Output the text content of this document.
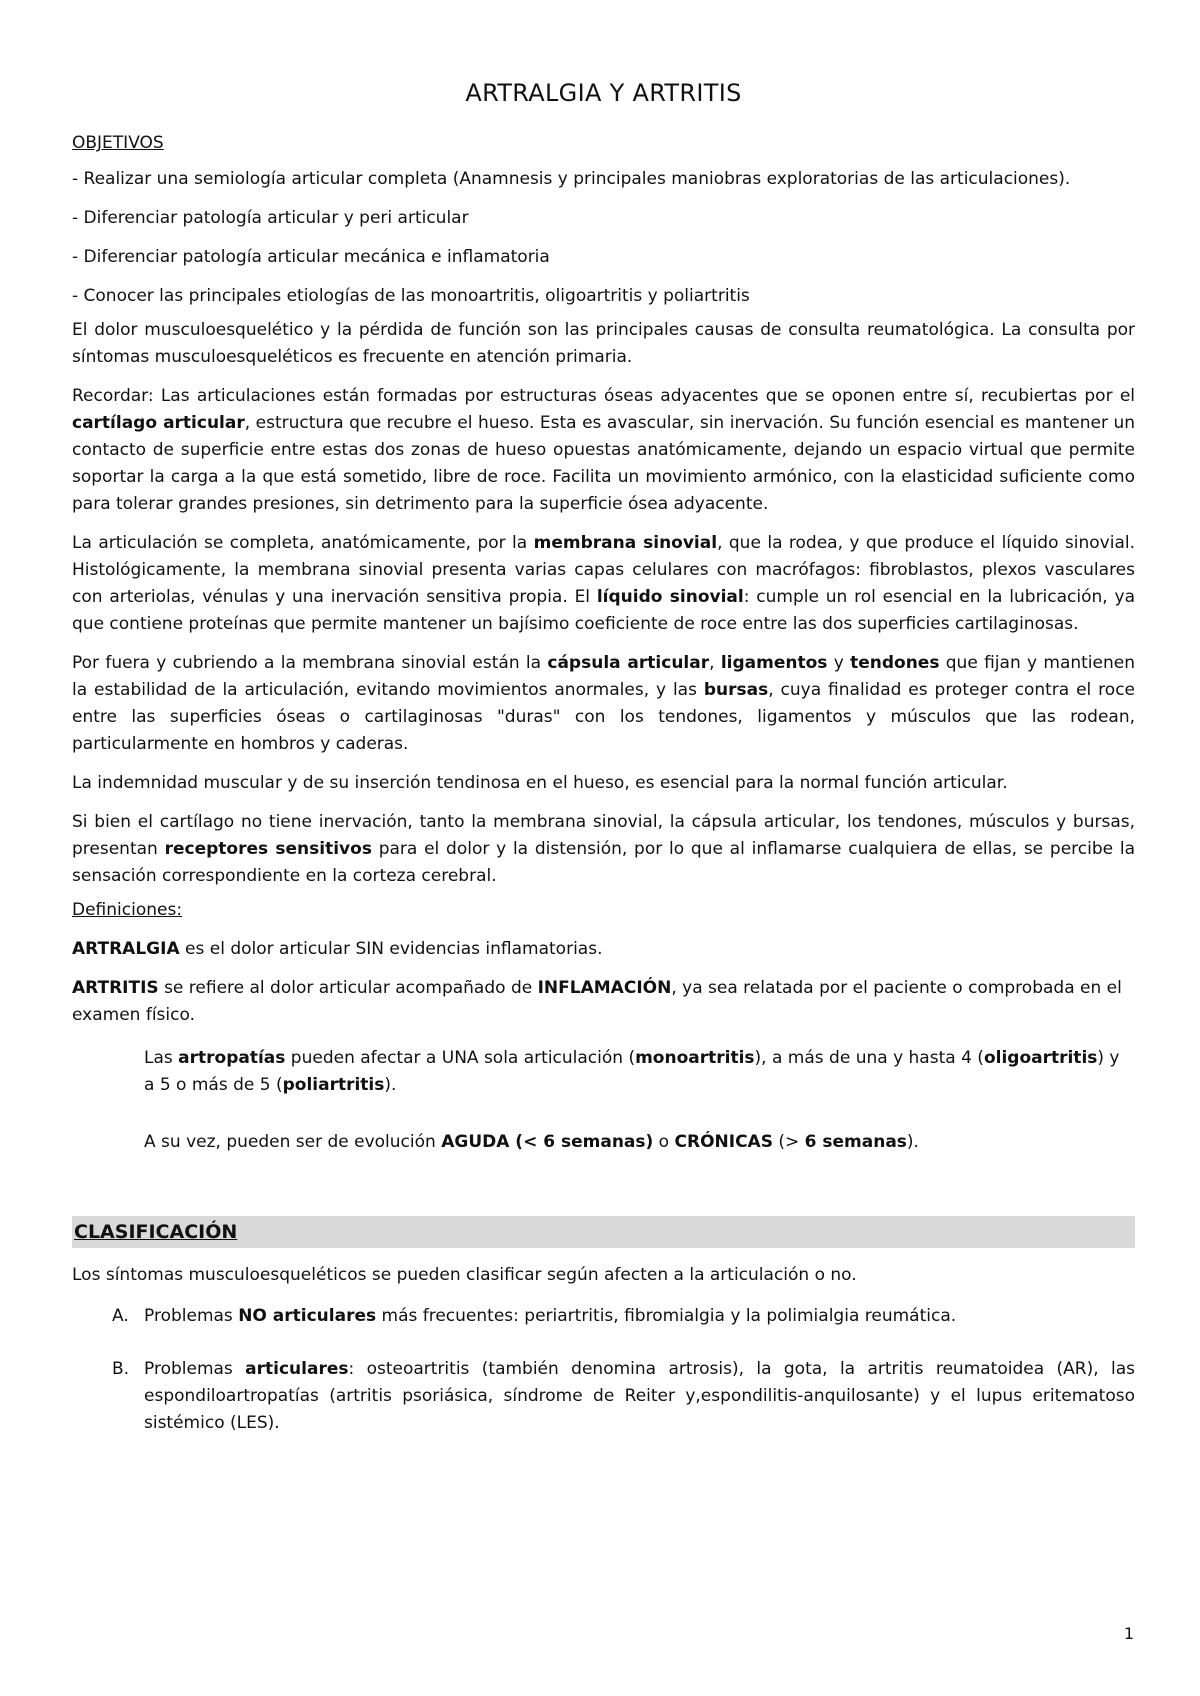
ARTRALGIA Y ARTRITIS
OBJETIVOS
- Realizar una semiología articular completa (Anamnesis y principales maniobras exploratorias de las articulaciones).
- Diferenciar patología articular y peri articular
- Diferenciar patología articular mecánica e inflamatoria
- Conocer las principales etiologías de las monoartritis, oligoartritis y poliartritis

El dolor musculoesquelético y la pérdida de función son las principales causas de consulta reumatológica. La consulta por síntomas musculoesqueléticos es frecuente en atención primaria.

Recordar: Las articulaciones están formadas por estructuras óseas adyacentes que se oponen entre sí, recubiertas por el cartílago articular, estructura que recubre el hueso. Esta es avascular, sin inervación. Su función esencial es mantener un contacto de superficie entre estas dos zonas de hueso opuestas anatómicamente, dejando un espacio virtual que permite soportar la carga a la que está sometido, libre de roce. Facilita un movimiento armónico, con la elasticidad suficiente como para tolerar grandes presiones, sin detrimento para la superficie ósea adyacente.

La articulación se completa, anatómicamente, por la membrana sinovial, que la rodea, y que produce el líquido sinovial. Histológicamente, la membrana sinovial presenta varias capas celulares con macrófagos: fibroblastos, plexos vasculares con arteriolas, vénulas y una inervación sensitiva propia. El líquido sinovial: cumple un rol esencial en la lubricación, ya que contiene proteínas que permite mantener un bajísimo coeficiente de roce entre las dos superficies cartilaginosas.

Por fuera y cubriendo a la membrana sinovial están la cápsula articular, ligamentos y tendones que fijan y mantienen la estabilidad de la articulación, evitando movimientos anormales, y las bursas, cuya finalidad es proteger contra el roce entre las superficies óseas o cartilaginosas "duras" con los tendones, ligamentos y músculos que las rodean, particularmente en hombros y caderas.

La indemnidad muscular y de su inserción tendinosa en el hueso, es esencial para la normal función articular.

Si bien el cartílago no tiene inervación, tanto la membrana sinovial, la cápsula articular, los tendones, músculos y bursas, presentan receptores sensitivos para el dolor y la distensión, por lo que al inflamarse cualquiera de ellas, se percibe la sensación correspondiente en la corteza cerebral.

Definiciones:

ARTRALGIA es el dolor articular SIN evidencias inflamatorias.

ARTRITIS se refiere al dolor articular acompañado de INFLAMACIÓN, ya sea relatada por el paciente o comprobada en el examen físico.

Las artropatías pueden afectar a UNA sola articulación (monoartritis), a más de una y hasta 4 (oligoartritis) y a 5 o más de 5 (poliartritis).
A su vez, pueden ser de evolución AGUDA (< 6 semanas) o CRÓNICAS (> 6 semanas).
CLASIFICACIÓN

Los síntomas musculoesqueléticos se pueden clasificar según afecten a la articulación o no.

A. Problemas NO articulares más frecuentes: periartritis, fibromialgia y la polimialgia reumática.
B. Problemas articulares: osteoartritis (también denomina artrosis), la gota, la artritis reumatoidea (AR), las espondiloartropatías (artritis psoriásica, síndrome de Reiter y,espondilitis-anquilosante) y el lupus eritematoso sistémico (LES).
1
